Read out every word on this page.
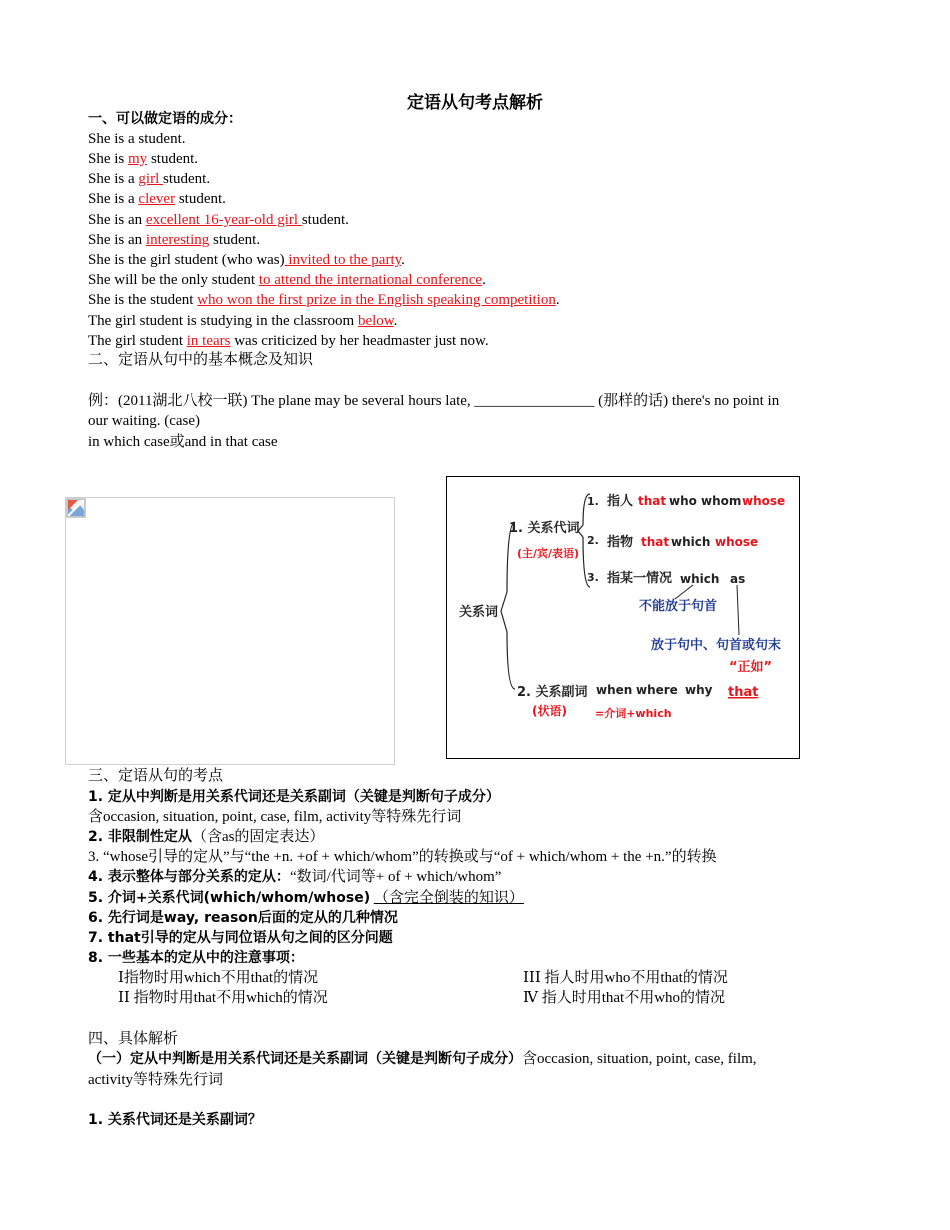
定语从句考点解析
一、可以做定语的成分：
She is a student.
She is my student.
She is a girl student.
She is a clever student.
She is an excellent 16-year-old girl student.
She is an interesting student.
She is the girl student (who was) invited to the party.
She will be the only student to attend the international conference.
She is the student who won the first prize in the English speaking competition.
The girl student is studying in the classroom below.
The girl student in tears was criticized by her headmaster just now.
二、定语从句中的基本概念及知识
例：(2011湖北八校一联) The plane may be several hours late, ________________ (那样的话) there's no point in
our waiting. (case)
in which case或and in that case
关系词
1. 关系代词
(主/宾/表语)
1. 指人 that who whom whose
2. 指物 that which whose
3. 指某一情况 which as
不能放于句首
放于句中、句首或句末
“正如”
2. 关系副词
(状语)
when where why that
=介词+which
三、定语从句的考点
1. 定从中判断是用关系代词还是关系副词（关键是判断句子成分）
含occasion, situation, point, case, film, activity等特殊先行词
2. 非限制性定从（含as的固定表达）
3. “whose引导的定从”与“the +n. +of + which/whom”的转换或与“of + which/whom + the +n.”的转换
4. 表示整体与部分关系的定从：“数词/代词等+ of + which/whom”
5. 介词+关系代词(which/whom/whose) （含完全倒装的知识）
6. 先行词是way, reason后面的定从的几种情况
7. that引导的定从与同位语从句之间的区分问题
8. 一些基本的定从中的注意事项：
Ⅰ指物时用which不用that的情况	ⅠⅠⅠ 指人时用who不用that的情况
ⅠⅠ 指物时用that不用which的情况	Ⅳ 指人时用that不用who的情况
四、具体解析
（一）定从中判断是用关系代词还是关系副词（关键是判断句子成分）含occasion, situation, point, case, film,
activity等特殊先行词
1. 关系代词还是关系副词？
